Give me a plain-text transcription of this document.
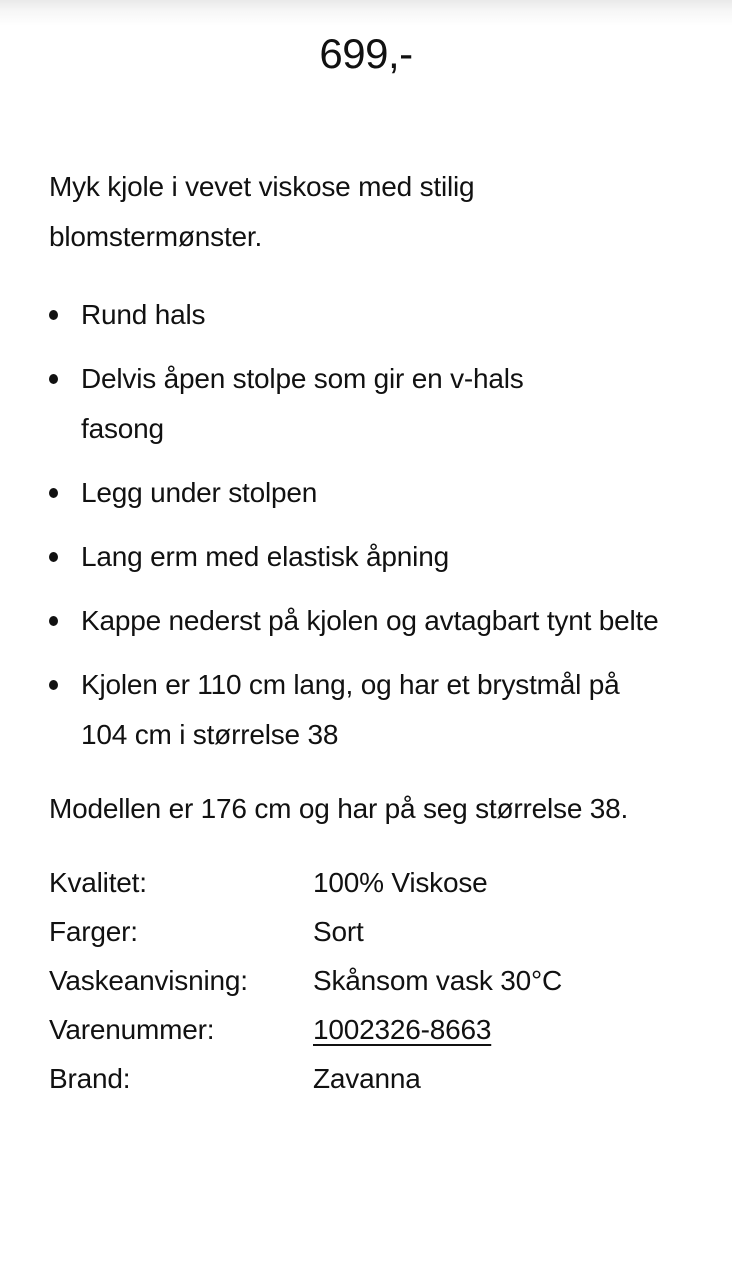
699,-

Myk kjole i vevet viskose med stilig blomstermønster.

Rund hals
Delvis åpen stolpe som gir en v-hals fasong
Legg under stolpen
Lang erm med elastisk åpning
Kappe nederst på kjolen og avtagbart tynt belte
Kjolen er 110 cm lang, og har et brystmål på 104 cm i størrelse 38

Modellen er 176 cm og har på seg størrelse 38.

Kvalitet:	100% Viskose
Farger:	Sort
Vaskeanvisning:	Skånsom vask 30°C
Varenummer:	1002326-8663
Brand:	Zavanna
